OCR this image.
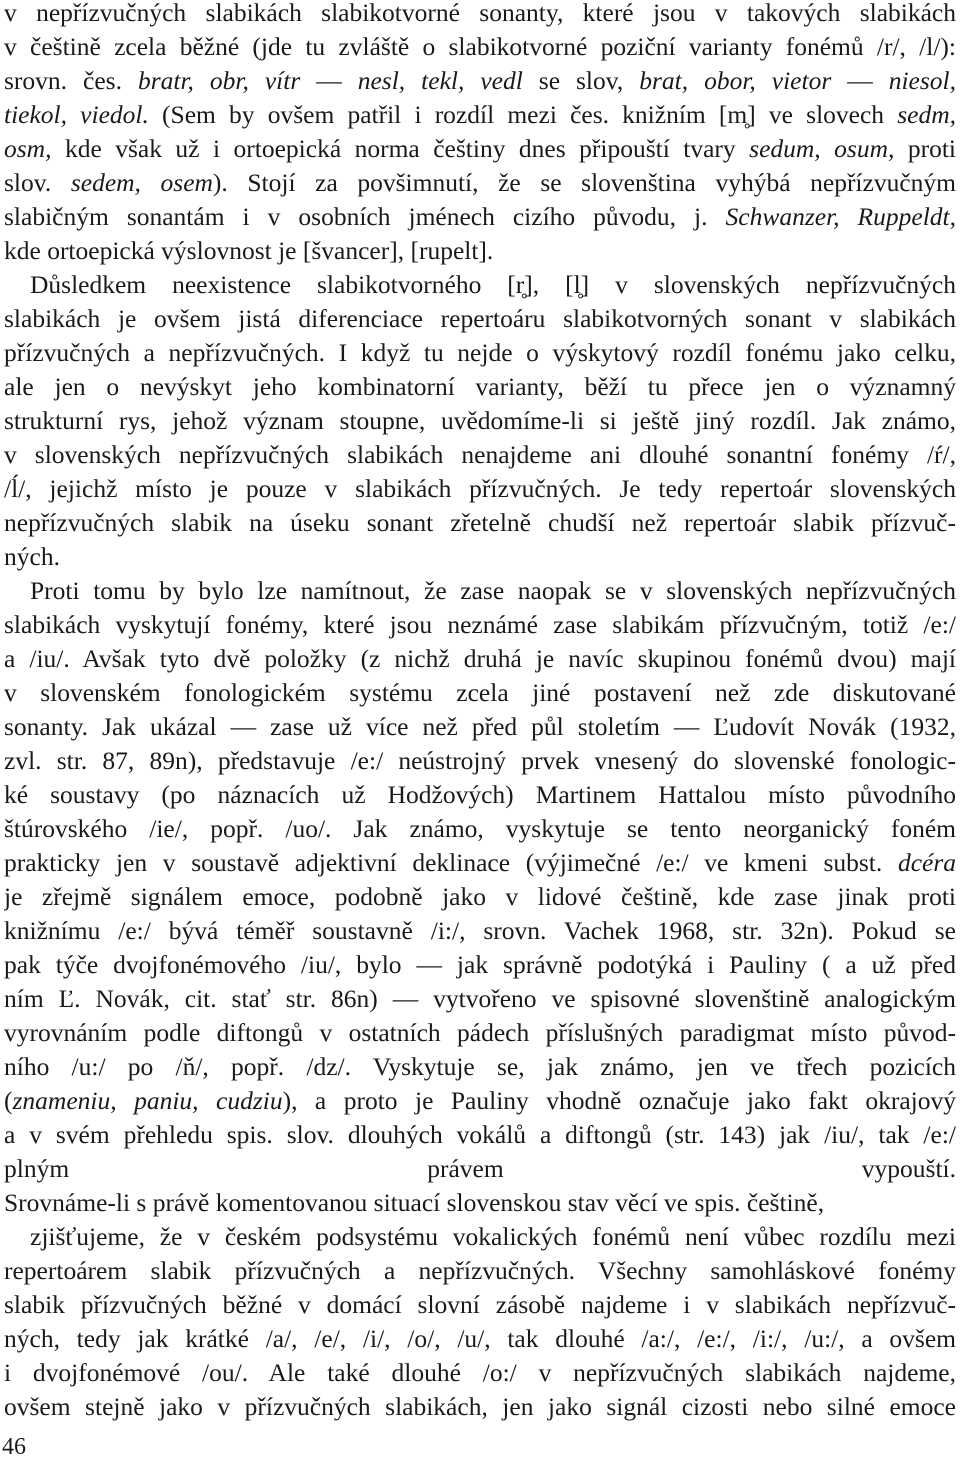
v nepřízvučných slabikách slabikotvorné sonanty, které jsou v takových slabikách
v češtině zcela běžné (jde tu zvláště o slabikotvorné poziční varianty fonémů /r/, /l/):
srovn. čes. bratr, obr, vítr — nesl, tekl, vedl se slov, brat, obor, vietor — niesol,
tiekol, viedol. (Sem by ovšem patřil i rozdíl mezi čes. knižním [m̥] ve slovech sedm,
osm, kde však už i ortoepická norma češtiny dnes připouští tvary sedum, osum, proti
slov. sedem, osem). Stojí za povšimnutí, že se slovenština vyhýbá nepřízvučným
slabičným sonantám i v osobních jménech cizího původu, j. Schwanzer, Ruppeldt,
kde ortoepická výslovnost je [švancer], [rupelt].
Důsledkem neexistence slabikotvorného [r̥], [l̥] v slovenských nepřízvučných
slabikách je ovšem jistá diferenciace repertoáru slabikotvorných sonant v slabikách
přízvučných a nepřízvučných. I když tu nejde o výskytový rozdíl fonému jako celku,
ale jen o nevýskyt jeho kombinatorní varianty, běží tu přece jen o významný
strukturní rys, jehož význam stoupne, uvědomíme-li si ještě jiný rozdíl. Jak známo,
v slovenských nepřízvučných slabikách nenajdeme ani dlouhé sonantní fonémy /ŕ/,
/ĺ/, jejichž místo je pouze v slabikách přízvučných. Je tedy repertoár slovenských
nepřízvučných slabik na úseku sonant zřetelně chudší než repertoár slabik přízvuč-
ných.
Proti tomu by bylo lze namítnout, že zase naopak se v slovenských nepřízvučných
slabikách vyskytují fonémy, které jsou neznámé zase slabikám přízvučným, totiž /e:/
a /iu/. Avšak tyto dvě položky (z nichž druhá je navíc skupinou fonémů dvou) mají
v slovenském fonologickém systému zcela jiné postavení než zde diskutované
sonanty. Jak ukázal — zase už více než před půl stoletím — Ľudovít Novák (1932,
zvl. str. 87, 89n), představuje /e:/ neústrojný prvek vnesený do slovenské fonologic-
ké soustavy (po náznacích už Hodžových) Martinem Hattalou místo původního
štúrovského /ie/, popř. /uo/. Jak známo, vyskytuje se tento neorganický foném
prakticky jen v soustavě adjektivní deklinace (výjimečné /e:/ ve kmeni subst. dcéra
je zřejmě signálem emoce, podobně jako v lidové češtině, kde zase jinak proti
knižnímu /e:/ bývá téměř soustavně /i:/, srovn. Vachek 1968, str. 32n). Pokud se
pak týče dvojfonémového /iu/, bylo — jak správně podotýká i Pauliny ( a už před
ním Ľ. Novák, cit. stať str. 86n) — vytvořeno ve spisovné slovenštině analogickým
vyrovnáním podle diftongů v ostatních pádech příslušných paradigmat místo původ-
ního /u:/ po /ň/, popř. /dz/. Vyskytuje se, jak známo, jen ve třech pozicích
(znameniu, paniu, cudziu), a proto je Pauliny vhodně označuje jako fakt okrajový
a v svém přehledu spis. slov. dlouhých vokálů a diftongů (str. 143) jak /iu/, tak /e:/
plným právem vypouští.
Srovnáme-li s právě komentovanou situací slovenskou stav věcí ve spis. češtině,
zjišťujeme, že v českém podsystému vokalických fonémů není vůbec rozdílu mezi
repertoárem slabik přízvučných a nepřízvučných. Všechny samohláskové fonémy
slabik přízvučných běžné v domácí slovní zásobě najdeme i v slabikách nepřízvuč-
ných, tedy jak krátké /a/, /e/, /i/, /o/, /u/, tak dlouhé /a:/, /e:/, /i:/, /u:/, a ovšem
i dvojfonémové /ou/. Ale také dlouhé /o:/ v nepřízvučných slabikách najdeme,
ovšem stejně jako v přízvučných slabikách, jen jako signál cizosti nebo silné emoce
46
